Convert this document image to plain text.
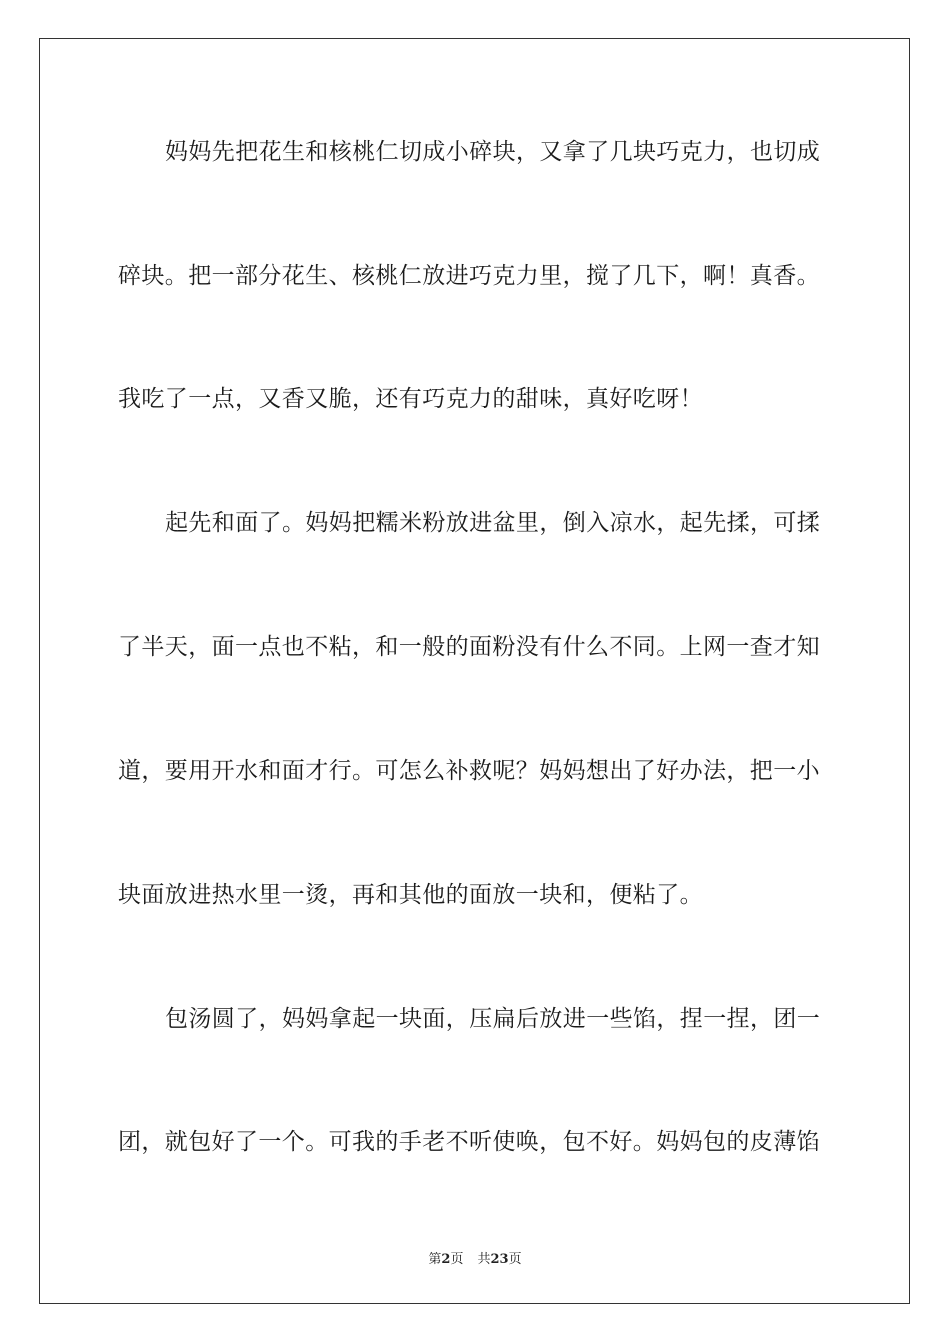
妈妈先把花生和核桃仁切成小碎块，又拿了几块巧克力，也切成
碎块。把一部分花生、核桃仁放进巧克力里，搅了几下，啊！真香。
我吃了一点，又香又脆，还有巧克力的甜味，真好吃呀！
起先和面了。妈妈把糯米粉放进盆里，倒入凉水，起先揉，可揉
了半天，面一点也不粘，和一般的面粉没有什么不同。上网一查才知
道，要用开水和面才行。可怎么补救呢？妈妈想出了好办法，把一小
块面放进热水里一烫，再和其他的面放一块和，便粘了。
包汤圆了，妈妈拿起一块面，压扁后放进一些馅，捏一捏，团一
团，就包好了一个。可我的手老不听使唤，包不好。妈妈包的皮薄馅
第2页 共23页
